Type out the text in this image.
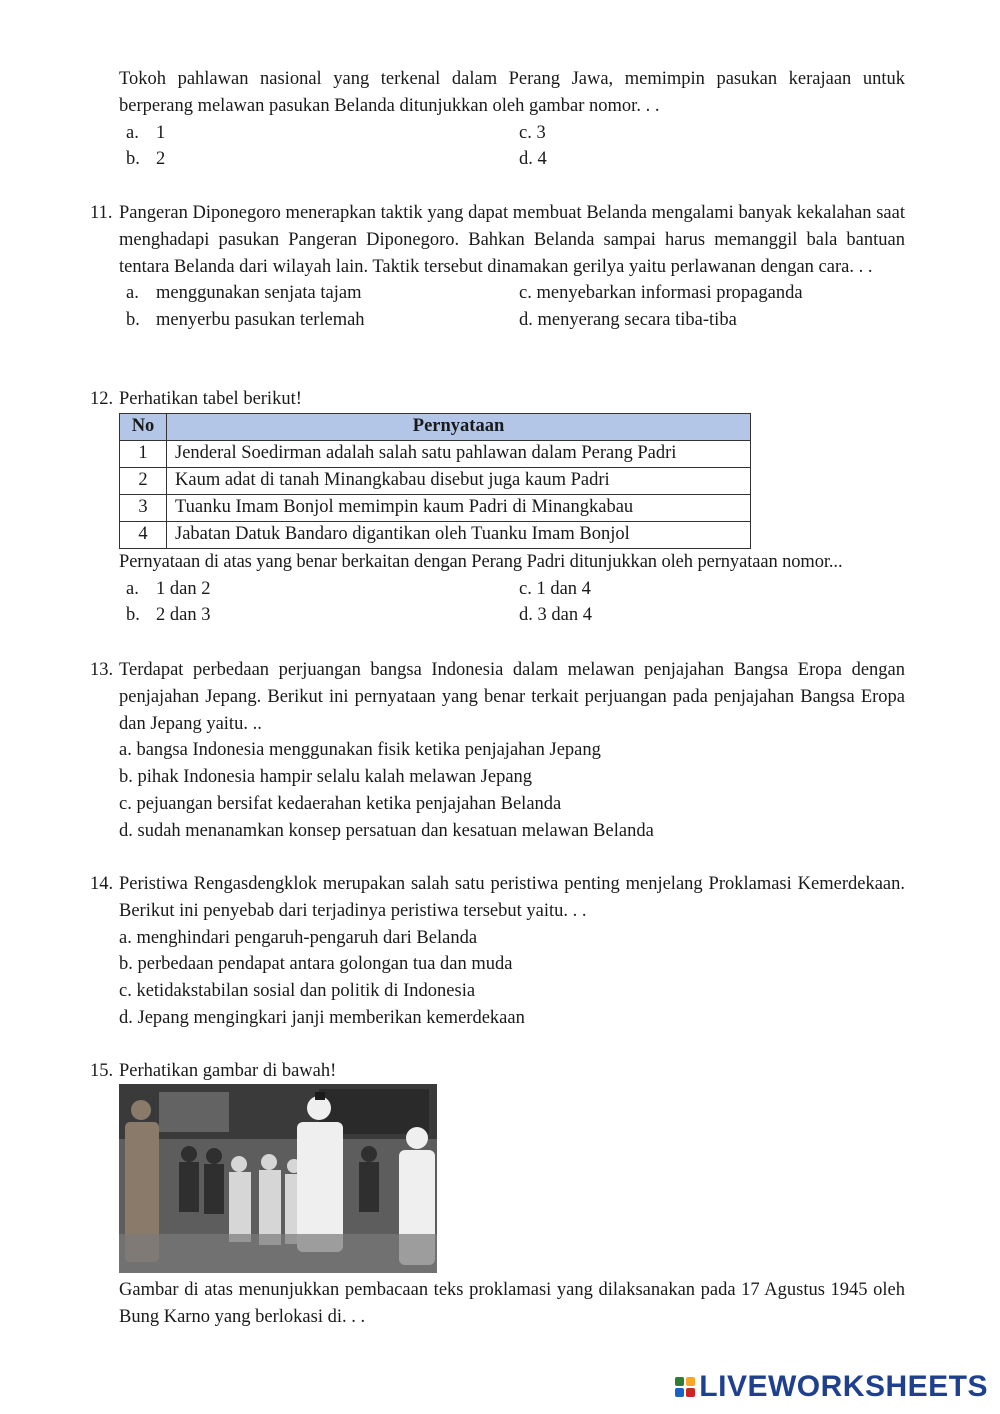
Tokoh pahlawan nasional yang terkenal dalam Perang Jawa, memimpin pasukan kerajaan untuk berperang melawan pasukan Belanda ditunjukkan oleh gambar nomor. . .
a. 1	c. 3
b. 2	d. 4
11. Pangeran Diponegoro menerapkan taktik yang dapat membuat Belanda mengalami banyak kekalahan saat menghadapi pasukan Pangeran Diponegoro. Bahkan Belanda sampai harus memanggil bala bantuan tentara Belanda dari wilayah lain. Taktik tersebut dinamakan gerilya yaitu perlawanan dengan cara. . .
a. menggunakan senjata tajam	c. menyebarkan informasi propaganda
b. menyerbu pasukan terlemah	d. menyerang secara tiba-tiba
12. Perhatikan tabel berikut!
No	Pernyataan
1	Jenderal Soedirman adalah salah satu pahlawan dalam Perang Padri
2	Kaum adat di tanah Minangkabau disebut juga kaum Padri
3	Tuanku Imam Bonjol memimpin kaum Padri di Minangkabau
4	Jabatan Datuk Bandaro digantikan oleh Tuanku Imam Bonjol
Pernyataan di atas yang benar berkaitan dengan Perang Padri ditunjukkan oleh pernyataan nomor...
a. 1 dan 2	c. 1 dan 4
b. 2 dan 3	d. 3 dan 4
13. Terdapat perbedaan perjuangan bangsa Indonesia dalam melawan penjajahan Bangsa Eropa dengan penjajahan Jepang. Berikut ini pernyataan yang benar terkait perjuangan pada penjajahan Bangsa Eropa dan Jepang yaitu. ..
a. bangsa Indonesia menggunakan fisik ketika penjajahan Jepang
b. pihak Indonesia hampir selalu kalah melawan Jepang
c. pejuangan bersifat kedaerahan ketika penjajahan Belanda
d. sudah menanamkan konsep persatuan dan kesatuan melawan Belanda
14. Peristiwa Rengasdengklok merupakan salah satu peristiwa penting menjelang Proklamasi Kemerdekaan. Berikut ini penyebab dari terjadinya peristiwa tersebut yaitu. . .
a. menghindari pengaruh-pengaruh dari Belanda
b. perbedaan pendapat antara golongan tua dan muda
c. ketidakstabilan sosial dan politik di Indonesia
d. Jepang mengingkari janji memberikan kemerdekaan
15. Perhatikan gambar di bawah!
Gambar di atas menunjukkan pembacaan teks proklamasi yang dilaksanakan pada 17 Agustus 1945 oleh Bung Karno yang berlokasi di. . .
LIVEWORKSHEETS
